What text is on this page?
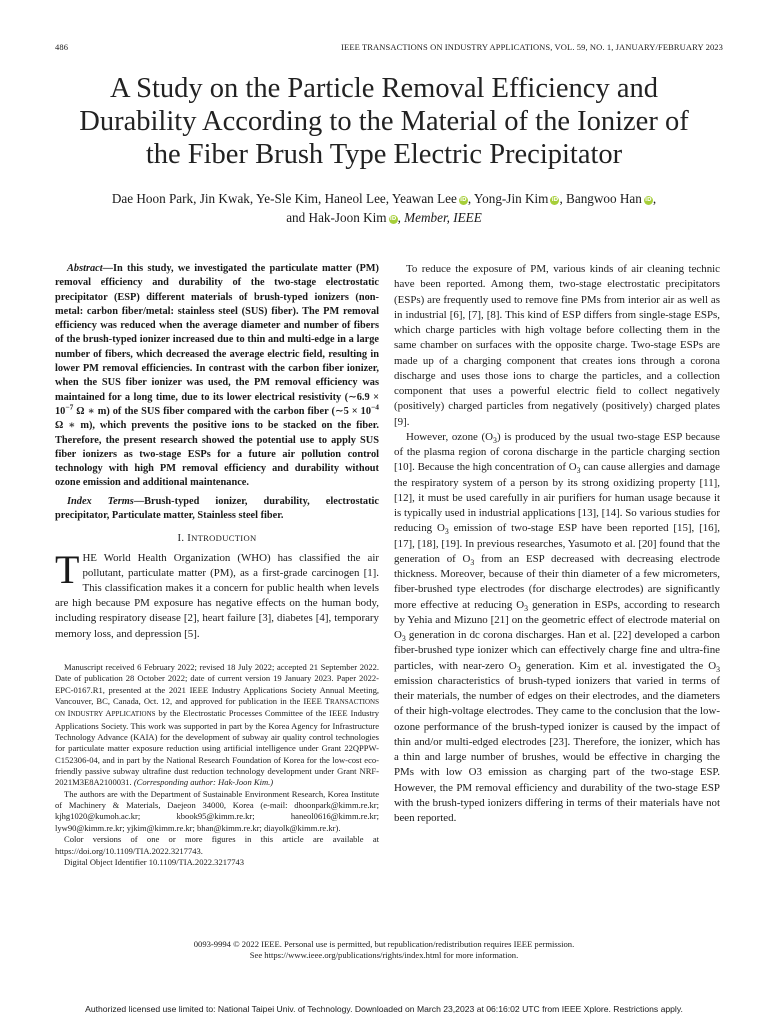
486	IEEE TRANSACTIONS ON INDUSTRY APPLICATIONS, VOL. 59, NO. 1, JANUARY/FEBRUARY 2023
A Study on the Particle Removal Efficiency and
Durability According to the Material of the Ionizer of
the Fiber Brush Type Electric Precipitator
Dae Hoon Park, Jin Kwak, Ye-Sle Kim, Haneol Lee, Yeawan Lee iD, Yong-Jin Kim iD, Bangwoo Han iD,
and Hak-Joon Kim iD, Member, IEEE

Abstract—In this study, we investigated the particulate matter (PM) removal efficiency and durability of the two-stage electrostatic precipitator (ESP) different materials of brush-typed ionizers (non-metal: carbon fiber/metal: stainless steel (SUS) fiber). The PM removal efficiency was reduced when the average diameter and number of fibers of the brush-typed ionizer increased due to thin and multi-edge in a large number of fibers, which decreased the average electric field, resulting in lower PM removal efficiencies. In contrast with the carbon fiber ionizer, when the SUS fiber ionizer was used, the PM removal efficiency was maintained for a long time, due to its lower electrical resistivity (∼6.9 × $10^{-7}$ Ω ∗ m) of the SUS fiber compared with the carbon fiber (∼5 × $10^{-4}$ Ω ∗ m), which prevents the positive ions to be stacked on the fiber. Therefore, the present research showed the potential use to apply SUS fiber ionizers as two-stage ESPs for a future air pollution control technology with high PM removal efficiency and durability without ozone emission and additional maintenance.

Index Terms—Brush-typed ionizer, durability, electrostatic precipitator, Particulate matter, Stainless steel fiber.

I. INTRODUCTION

THE World Health Organization (WHO) has classified the air pollutant, particulate matter (PM), as a first-grade carcinogen [1]. This classification makes it a concern for public health when levels are high because PM exposure has negative effects on the human body, including respiratory disease [2], heart failure [3], diabetes [4], temporary memory loss, and depression [5].

Manuscript received 6 February 2022; revised 18 July 2022; accepted 21 September 2022. Date of publication 28 October 2022; date of current version 19 January 2023. Paper 2022-EPC-0167.R1, presented at the 2021 IEEE Industry Applications Society Annual Meeting, Vancouver, BC, Canada, Oct. 12, and approved for publication in the IEEE TRANSACTIONS ON INDUSTRY APPLICATIONS by the Electrostatic Processes Committee of the IEEE Industry Applications Society. This work was supported in part by the Korea Agency for Infrastructure Technology Advance (KAIA) for the development of subway air quality control technologies for particulate matter exposure reduction using artificial intelligence under Grant 22QPPW-C152306-04, and in part by the National Research Foundation of Korea for the low-cost eco-friendly passive subway ultrafine dust reduction technology development under Grant NRF-2021M3E8A2100031. (Corresponding author: Hak-Joon Kim.)

The authors are with the Department of Sustainable Environment Research, Korea Institute of Machinery & Materials, Daejeon 34000, Korea (e-mail: dhoonpark@kimm.re.kr; kjhg1020@kumoh.ac.kr; kbook95@kimm.re.kr; haneol0616@kimm.re.kr; lyw90@kimm.re.kr; yjkim@kimm.re.kr; bhan@kimm.re.kr; diayolk@kimm.re.kr).

Color versions of one or more figures in this article are available at https://doi.org/10.1109/TIA.2022.3217743.

Digital Object Identifier 10.1109/TIA.2022.3217743

To reduce the exposure of PM, various kinds of air cleaning technic have been reported. Among them, two-stage electrostatic precipitators (ESPs) are frequently used to remove fine PMs from interior air as well as in industrial [6], [7], [8]. This kind of ESP differs from single-stage ESPs, which charge particles with high voltage before collecting them in the same chamber on surfaces with the opposite charge. Two-stage ESPs are made up of a charging component that creates ions through a corona discharge and uses those ions to charge the particles, and a collection component that uses a powerful electric field to collect negatively (positively) charged particles from negatively (positively) charged plates [9].

However, ozone $(O_3)$ is produced by the usual two-stage ESP because of the plasma region of corona discharge in the particle charging section [10]. Because the high concentration of $O_3$ can cause allergies and damage the respiratory system of a person by its strong oxidizing property [11], [12], it must be used carefully in air purifiers for human usage because it is typically used in industrial applications [13], [14]. So various studies for reducing $O_3$ emission of two-stage ESP have been reported [15], [16], [17], [18], [19]. In previous researches, Yasumoto et al. [20] found that the generation of $O_3$ from an ESP decreased with decreasing electrode thickness. Moreover, because of their thin diameter of a few micrometers, fiber-brushed type electrodes (for discharge electrodes) are significantly more effective at reducing $O_3$ generation in ESPs, according to research by Yehia and Mizuno [21] on the geometric effect of electrode material on $O_3$ generation in dc corona discharges. Han et al. [22] developed a carbon fiber-brushed type ionizer which can effectively charge fine and ultra-fine particles, with near-zero $O_3$ generation. Kim et al. investigated the $O_3$ emission characteristics of brush-typed ionizers that varied in terms of their materials, the number of edges on their electrodes, and the diameters of their high-voltage electrodes. They came to the conclusion that the low-ozone performance of the brush-typed ionizer is caused by the impact of thin and/or multi-edged electrodes [23]. Therefore, the ionizer, which has a thin and large number of brushes, would be effective in charging the PMs with low O3 emission as charging part of the two-stage ESP. However, the PM removal efficiency and durability of the two-stage ESP with the brush-typed ionizers differing in terms of their materials have not been reported.

0093-9994 © 2022 IEEE. Personal use is permitted, but republication/redistribution requires IEEE permission.
See https://www.ieee.org/publications/rights/index.html for more information.
Authorized licensed use limited to: National Taipei Univ. of Technology. Downloaded on March 23,2023 at 06:16:02 UTC from IEEE Xplore. Restrictions apply.
